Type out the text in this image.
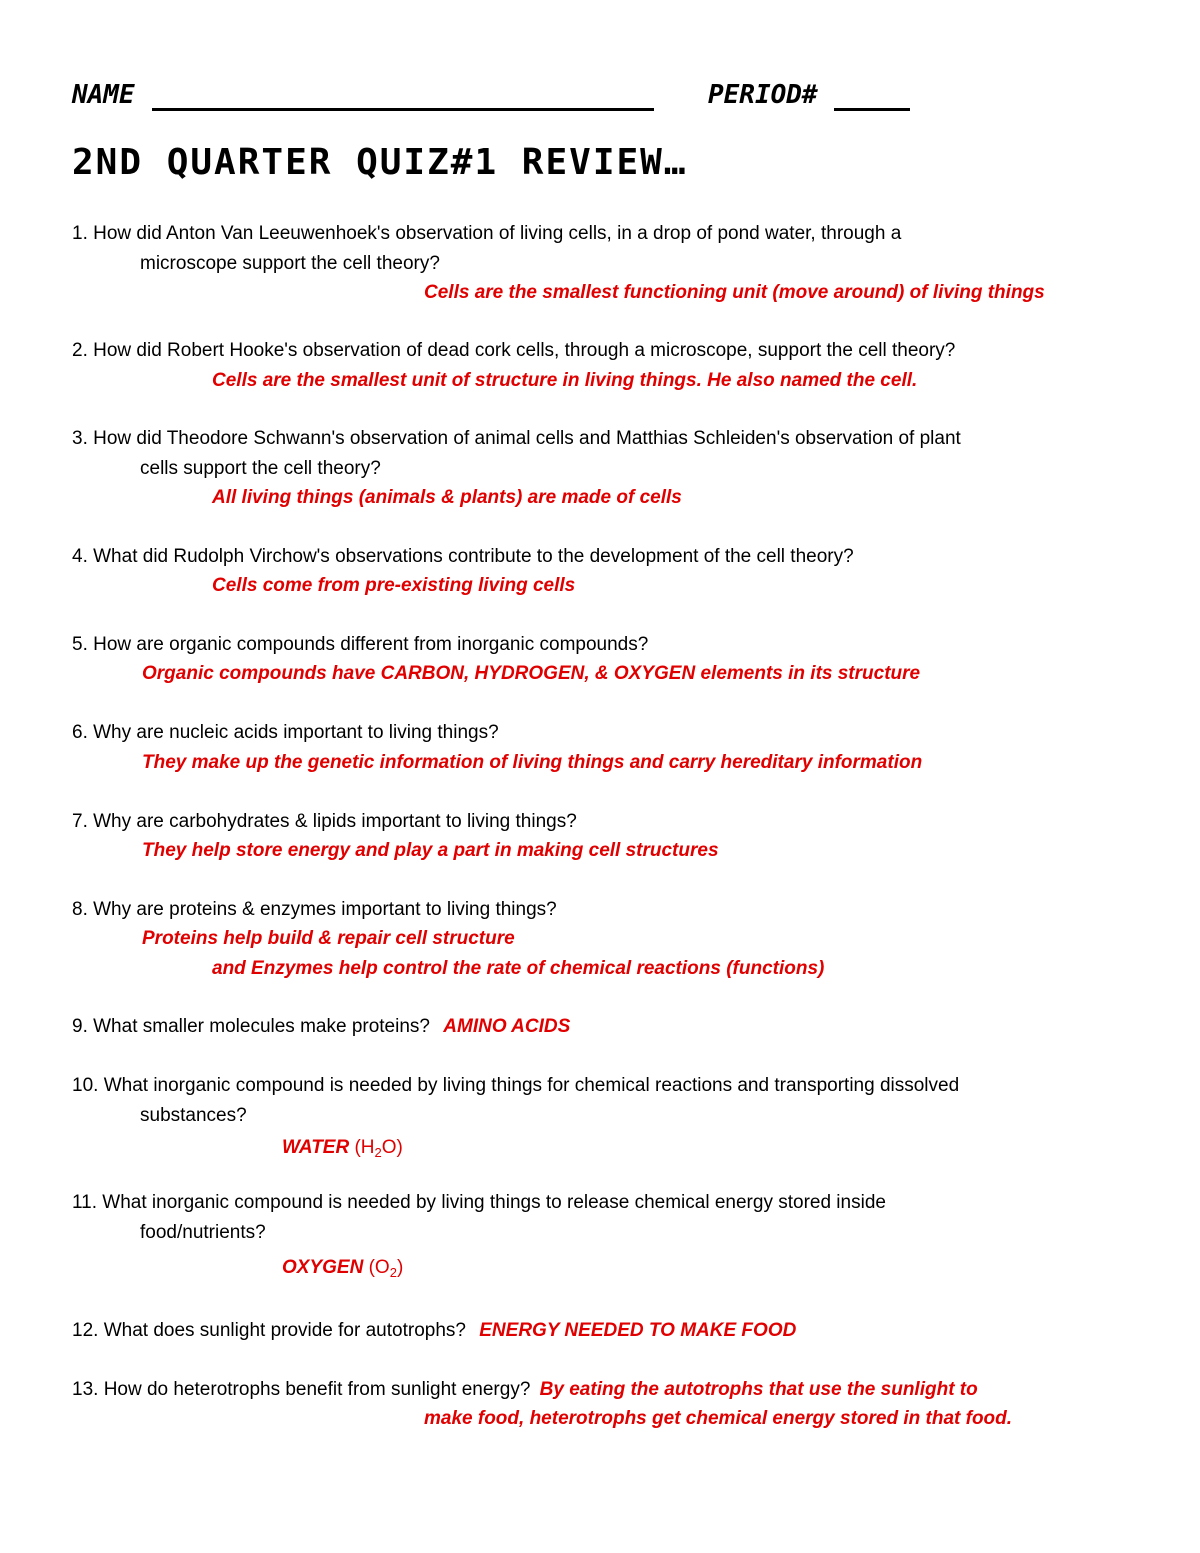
NAME	PERIOD#
2ND QUARTER QUIZ#1 REVIEW…
1. How did Anton Van Leeuwenhoek's observation of living cells, in a drop of pond water, through a
microscope support the cell theory?
Cells are the smallest functioning unit (move around) of living things
2. How did Robert Hooke's observation of dead cork cells, through a microscope, support the cell theory?
Cells are the smallest unit of structure in living things. He also named the cell.
3. How did Theodore Schwann's observation of animal cells and Matthias Schleiden's observation of plant
cells support the cell theory?
All living things (animals & plants) are made of cells
4. What did Rudolph Virchow's observations contribute to the development of the cell theory?
Cells come from pre-existing living cells
5. How are organic compounds different from inorganic compounds?
Organic compounds have CARBON, HYDROGEN, & OXYGEN elements in its structure
6. Why are nucleic acids important to living things?
They make up the genetic information of living things and carry hereditary information
7. Why are carbohydrates & lipids important to living things?
They help store energy and play a part in making cell structures
8. Why are proteins & enzymes important to living things?
Proteins help build & repair cell structure
and Enzymes help control the rate of chemical reactions (functions)
9. What smaller molecules make proteins? AMINO ACIDS
10. What inorganic compound is needed by living things for chemical reactions and transporting dissolved
substances?
WATER $(H_2O)$
11. What inorganic compound is needed by living things to release chemical energy stored inside
food/nutrients?
OXYGEN $(O_2)$
12. What does sunlight provide for autotrophs? ENERGY NEEDED TO MAKE FOOD
13. How do heterotrophs benefit from sunlight energy? By eating the autotrophs that use the sunlight to
make food, heterotrophs get chemical energy stored in that food.
